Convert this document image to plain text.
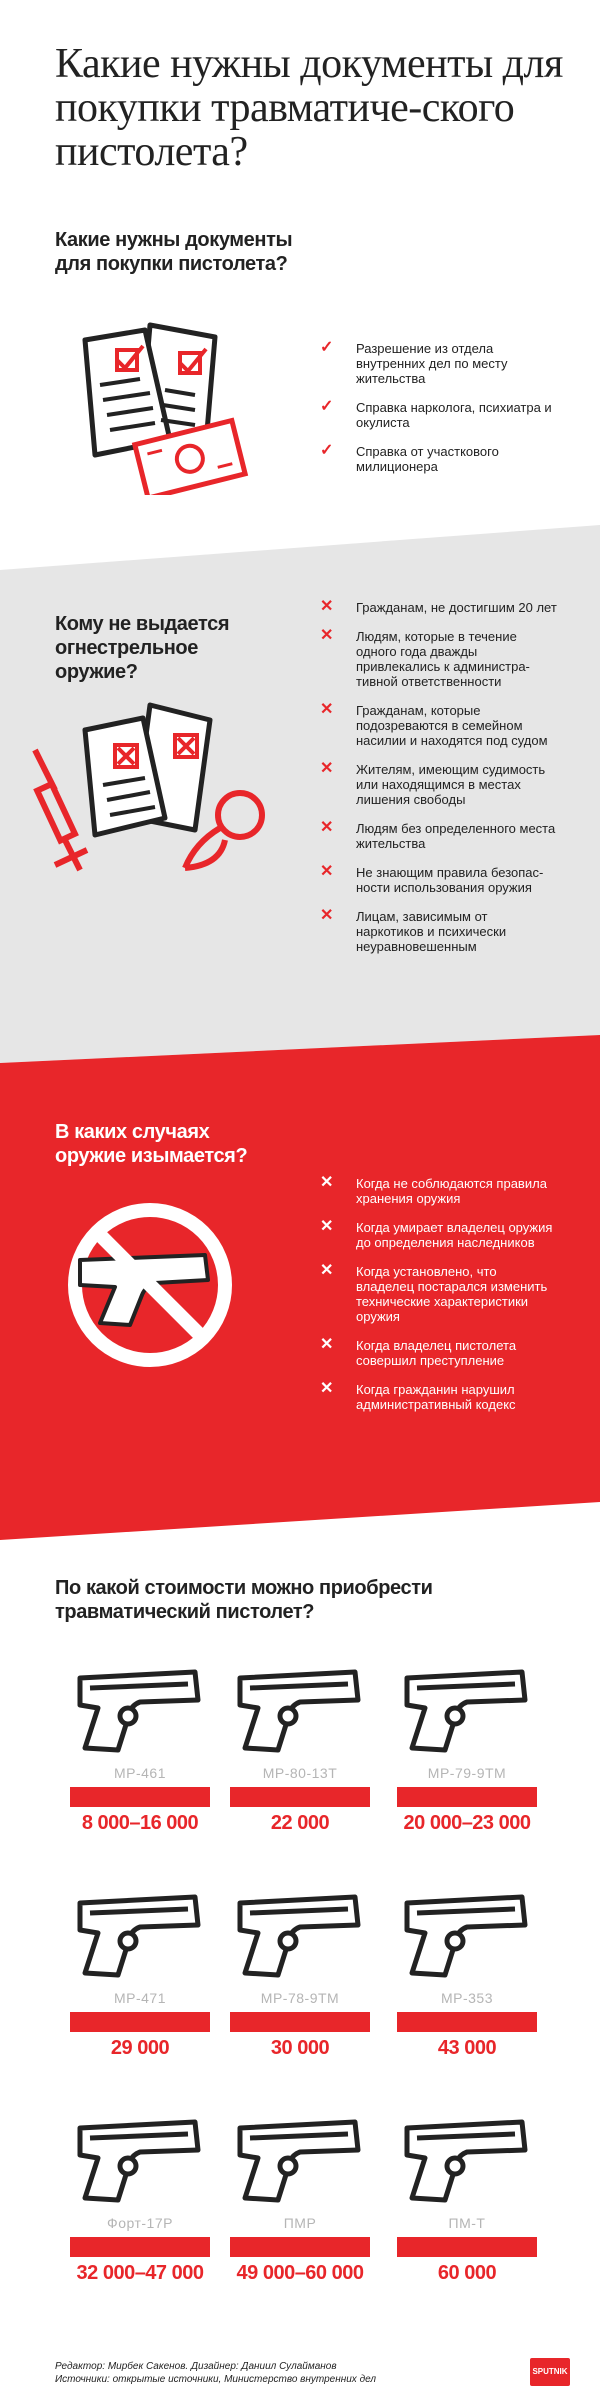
Какие нужны документы для покупки травматиче-ского пистолета?
Какие нужны документы для покупки пистолета?
✓ Разрешение из отдела внутренних дел по месту жительства
✓ Справка нарколога, психиатра и окулиста
✓ Справка от участкового милиционера
Кому не выдается огнестрельное оружие?
✕ Гражданам, не достигшим 20 лет
✕ Людям, которые в течение одного года дважды привлекались к администра-тивной ответственности
✕ Гражданам, которые подозреваются в семейном насилии и находятся под судом
✕ Жителям, имеющим судимость или находящимся в местах лишения свободы
✕ Людям без определенного места жительства
✕ Не знающим правила безопас-ности использования оружия
✕ Лицам, зависимым от наркотиков и психически неуравновешенным
В каких случаях оружие изымается?
✕ Когда не соблюдаются правила хранения оружия
✕ Когда умирает владелец оружия до определения наследников
✕ Когда установлено, что владелец постарался изменить технические характеристики оружия
✕ Когда владелец пистолета совершил преступление
✕ Когда гражданин нарушил административный кодекс
По какой стоимости можно приобрести травматический пистолет?
МР-461
8 000–16 000
МР-80-13Т
22 000
МР-79-9ТМ
20 000–23 000
МР-471
29 000
МР-78-9ТМ
30 000
МР-353
43 000
Форт-17Р
32 000–47 000
ПМР
49 000–60 000
ПМ-Т
60 000
Редактор: Мирбек Сакенов. Дизайнер: Даниил Сулайманов
Источники: открытые источники, Министерство внутренних дел
SPUTNIK
